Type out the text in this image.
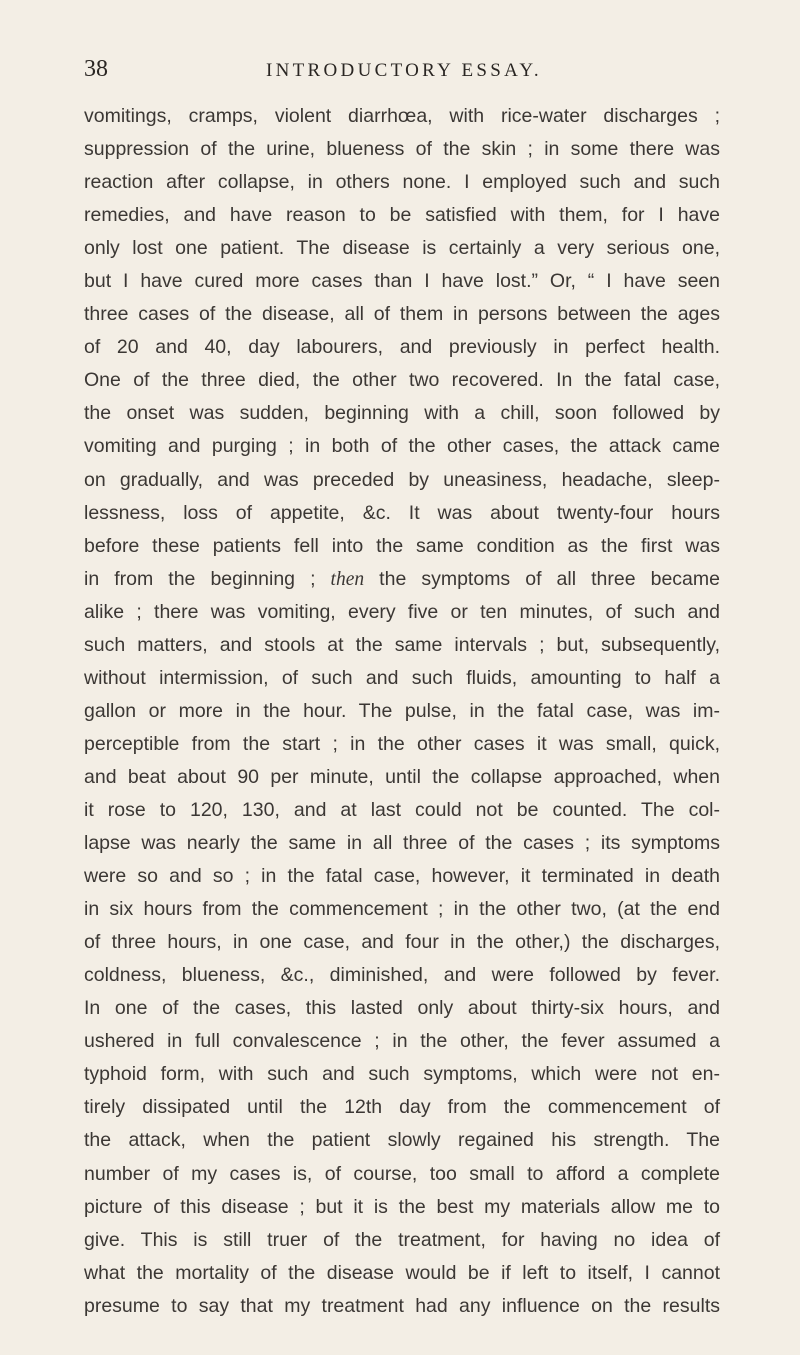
38	INTRODUCTORY ESSAY.
vomitings, cramps, violent diarrhœa, with rice-water discharges ;
suppression of the urine, blueness of the skin ; in some there was
reaction after collapse, in others none. I employed such and such
remedies, and have reason to be satisfied with them, for I have
only lost one patient. The disease is certainly a very serious one,
but I have cured more cases than I have lost.” Or, “ I have seen
three cases of the disease, all of them in persons between the ages
of 20 and 40, day labourers, and previously in perfect health.
One of the three died, the other two recovered. In the fatal case,
the onset was sudden, beginning with a chill, soon followed by
vomiting and purging ; in both of the other cases, the attack came
on gradually, and was preceded by uneasiness, headache, sleep-
lessness, loss of appetite, &c. It was about twenty-four hours
before these patients fell into the same condition as the first was
in from the beginning ; then the symptoms of all three became
alike ; there was vomiting, every five or ten minutes, of such and
such matters, and stools at the same intervals ; but, subsequently,
without intermission, of such and such fluids, amounting to half a
gallon or more in the hour. The pulse, in the fatal case, was im-
perceptible from the start ; in the other cases it was small, quick,
and beat about 90 per minute, until the collapse approached, when
it rose to 120, 130, and at last could not be counted. The col-
lapse was nearly the same in all three of the cases ; its symptoms
were so and so ; in the fatal case, however, it terminated in death
in six hours from the commencement ; in the other two, (at the end
of three hours, in one case, and four in the other,) the discharges,
coldness, blueness, &c., diminished, and were followed by fever.
In one of the cases, this lasted only about thirty-six hours, and
ushered in full convalescence ; in the other, the fever assumed a
typhoid form, with such and such symptoms, which were not en-
tirely dissipated until the 12th day from the commencement of
the attack, when the patient slowly regained his strength. The
number of my cases is, of course, too small to afford a complete
picture of this disease ; but it is the best my materials allow me to
give. This is still truer of the treatment, for having no idea of
what the mortality of the disease would be if left to itself, I cannot
presume to say that my treatment had any influence on the results
